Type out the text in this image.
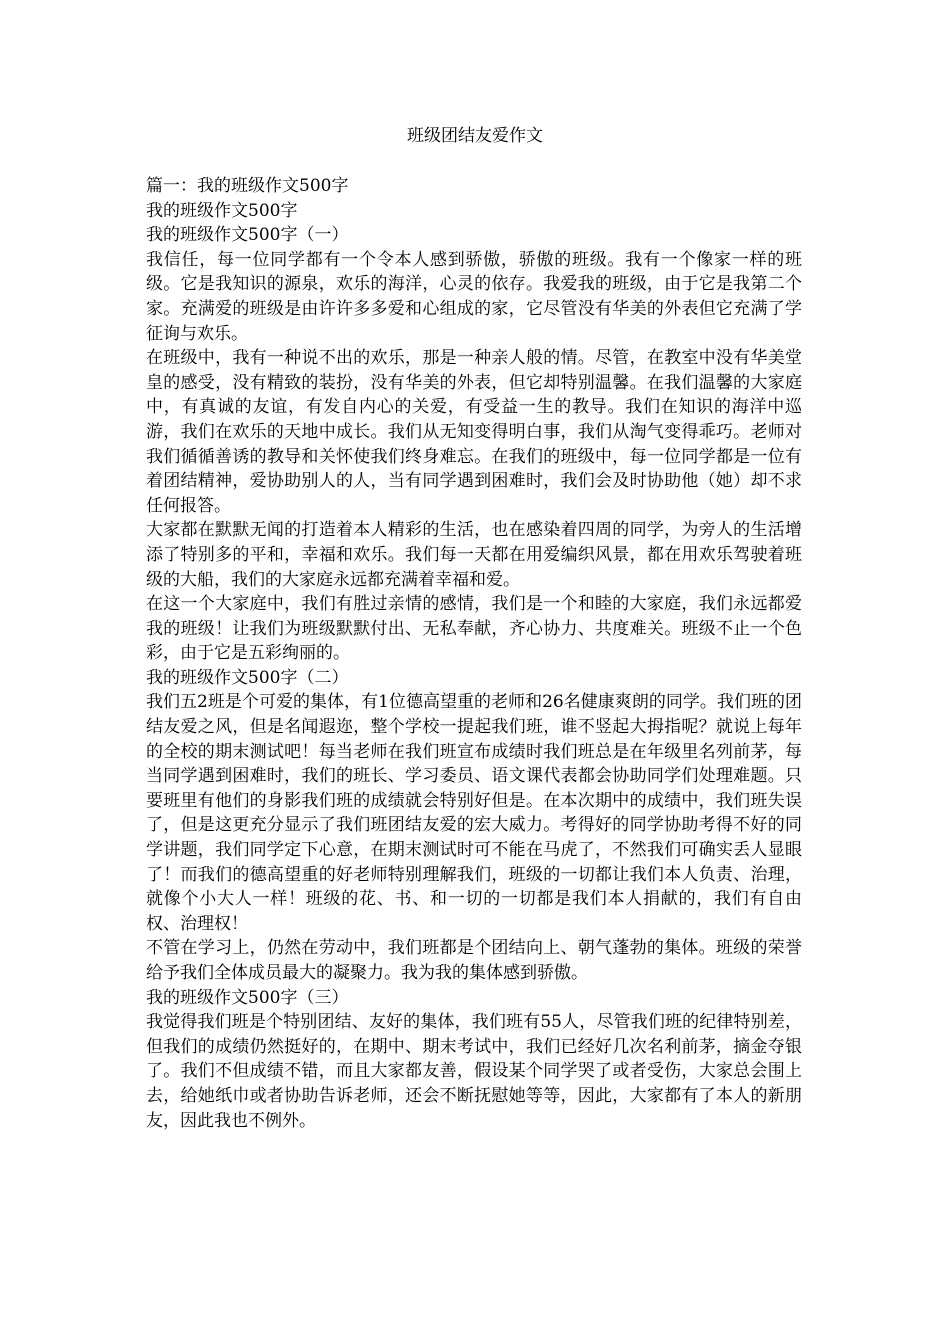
班级团结友爱作文

篇一：我的班级作文500字

我的班级作文500字

我的班级作文500字（一）

我信任，每一位同学都有一个令本人感到骄傲，骄傲的班级。我有一个像家一样的班级。它是我知识的源泉，欢乐的海洋，心灵的依存。我爱我的班级，由于它是我第二个家。充满爱的班级是由许许多多爱和心组成的家，它尽管没有华美的外表但它充满了学征询与欢乐。

在班级中，我有一种说不出的欢乐，那是一种亲人般的情。尽管，在教室中没有华美堂皇的感受，没有精致的装扮，没有华美的外表，但它却特别温馨。在我们温馨的大家庭中，有真诚的友谊，有发自内心的关爱，有受益一生的教导。我们在知识的海洋中巡游，我们在欢乐的天地中成长。我们从无知变得明白事，我们从淘气变得乖巧。老师对我们循循善诱的教导和关怀使我们终身难忘。在我们的班级中，每一位同学都是一位有着团结精神，爱协助别人的人，当有同学遇到困难时，我们会及时协助他（她）却不求任何报答。

大家都在默默无闻的打造着本人精彩的生活，也在感染着四周的同学，为旁人的生活增添了特别多的平和，幸福和欢乐。我们每一天都在用爱编织风景，都在用欢乐驾驶着班级的大船，我们的大家庭永远都充满着幸福和爱。

在这一个大家庭中，我们有胜过亲情的感情，我们是一个和睦的大家庭，我们永远都爱我的班级！让我们为班级默默付出、无私奉献，齐心协力、共度难关。班级不止一个色彩，由于它是五彩绚丽的。

我的班级作文500字（二）

我们五2班是个可爱的集体，有1位德高望重的老师和26名健康爽朗的同学。我们班的团结友爱之风，但是名闻遐迩，整个学校一提起我们班，谁不竖起大拇指呢？就说上每年的全校的期末测试吧！每当老师在我们班宣布成绩时我们班总是在年级里名列前茅，每当同学遇到困难时，我们的班长、学习委员、语文课代表都会协助同学们处理难题。只要班里有他们的身影我们班的成绩就会特别好但是。在本次期中的成绩中，我们班失误了，但是这更充分显示了我们班团结友爱的宏大威力。考得好的同学协助考得不好的同学讲题，我们同学定下心意，在期末测试时可不能在马虎了，不然我们可确实丢人显眼了！而我们的德高望重的好老师特别理解我们，班级的一切都让我们本人负责、治理，就像个小大人一样！班级的花、书、和一切的一切都是我们本人捐献的，我们有自由权、治理权！

不管在学习上，仍然在劳动中，我们班都是个团结向上、朝气蓬勃的集体。班级的荣誉给予我们全体成员最大的凝聚力。我为我的集体感到骄傲。

我的班级作文500字（三）

我觉得我们班是个特别团结、友好的集体，我们班有55人，尽管我们班的纪律特别差，但我们的成绩仍然挺好的，在期中、期末考试中，我们已经好几次名利前茅，摘金夺银了。我们不但成绩不错，而且大家都友善，假设某个同学哭了或者受伤，大家总会围上去，给她纸巾或者协助告诉老师，还会不断抚慰她等等，因此，大家都有了本人的新朋友，因此我也不例外。
